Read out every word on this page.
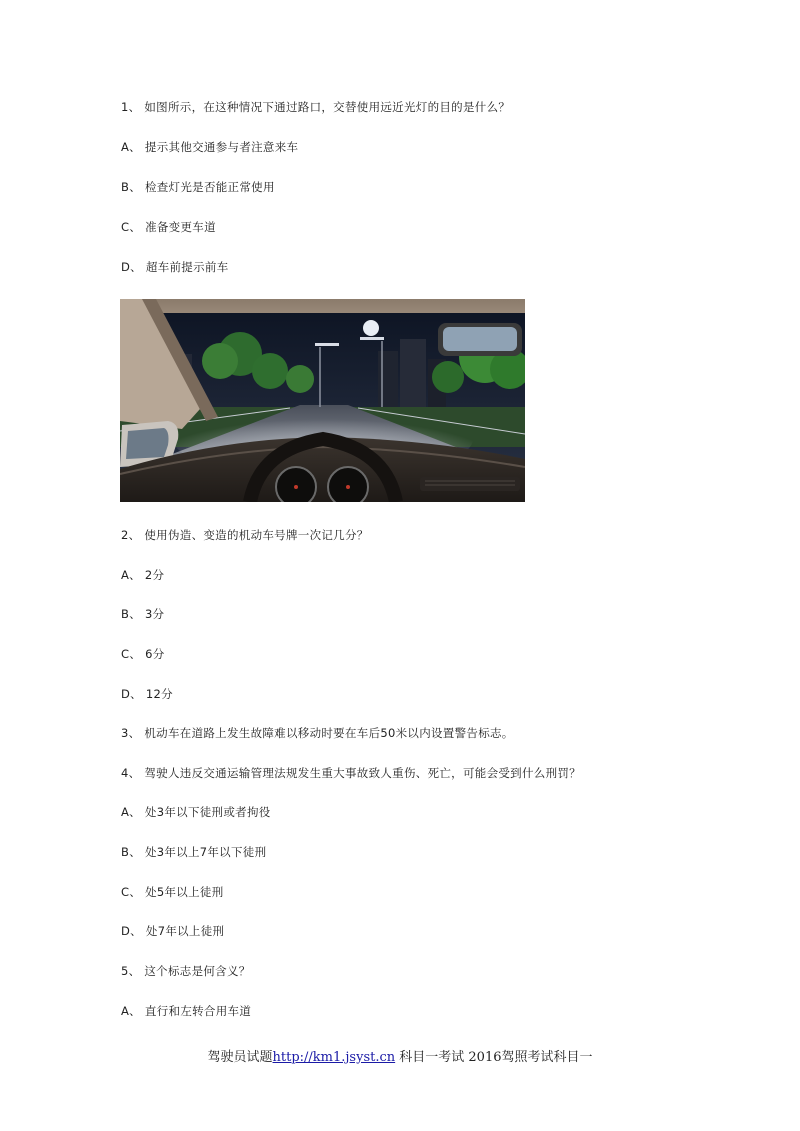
1、 如图所示，在这种情况下通过路口，交替使用远近光灯的目的是什么？
A、 提示其他交通参与者注意来车
B、 检查灯光是否能正常使用
C、 准备变更车道
D、 超车前提示前车
2、 使用伪造、变造的机动车号牌一次记几分？
A、 2分
B、 3分
C、 6分
D、 12分
3、 机动车在道路上发生故障难以移动时要在车后50米以内设置警告标志。
4、 驾驶人违反交通运输管理法规发生重大事故致人重伤、死亡，可能会受到什么刑罚？
A、 处3年以下徒刑或者拘役
B、 处3年以上7年以下徒刑
C、 处5年以上徒刑
D、 处7年以上徒刑
5、 这个标志是何含义？
A、 直行和左转合用车道
驾驶员试题http://km1.jsyst.cn 科目一考试 2016驾照考试科目一
